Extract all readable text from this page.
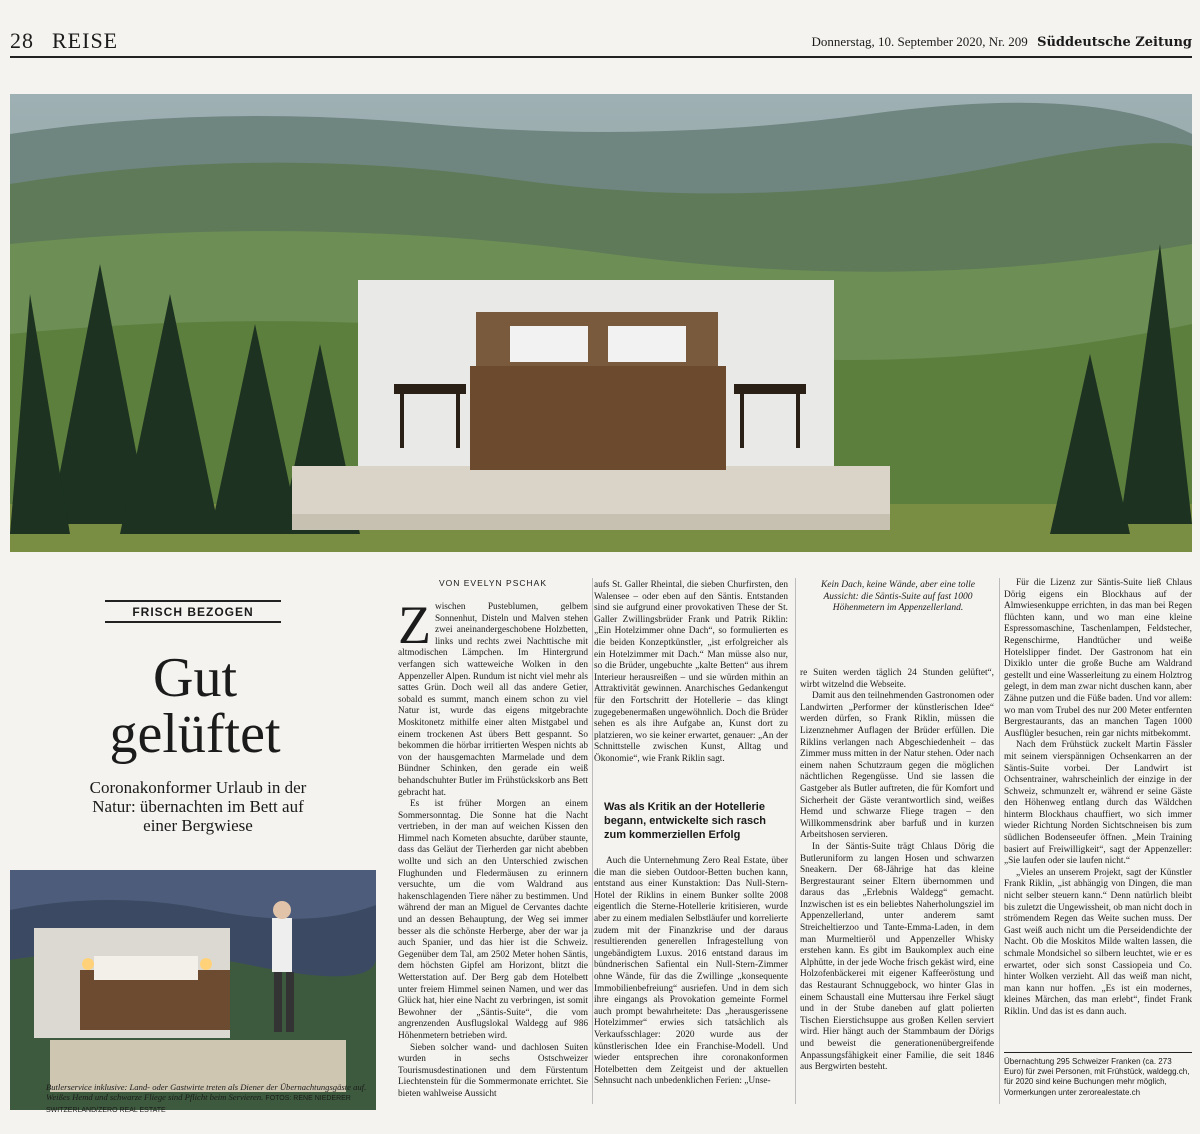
28 REISE	Donnerstag, 10. September 2020, Nr. 209 Süddeutsche Zeitung
FRISCH BEZOGEN
Gut
gelüftet
Coronakonformer Urlaub in der Natur: übernachten im Bett auf einer Bergwiese
Butlerservice inklusive: Land- oder Gastwirte treten als Diener der Übernachtungsgäste auf. Weißes Hemd und schwarze Fliege sind Pflicht beim Servieren. FOTOS: RENE NIEDERER SWITZERLAND/ZERO REAL ESTATE
VON EVELYN PSCHAK

Zwischen Pusteblumen, gelbem Sonnenhut, Disteln und Malven stehen zwei aneinandergeschobene Holzbetten, links und rechts zwei Nachttische mit altmodischen Lämpchen. Im Hintergrund verfangen sich watteweiche Wolken in den Appenzeller Alpen. Rundum ist nicht viel mehr als sattes Grün. Doch weil all das andere Getier, sobald es summt, manch einem schon zu viel Natur ist, wurde das eigens mitgebrachte Moskitonetz mithilfe einer alten Mistgabel und einem trockenen Ast übers Bett gespannt. So bekommen die hörbar irritierten Wespen nichts ab von der hausgemachten Marmelade und dem Bündner Schinken, den gerade ein weiß behandschuhter Butler im Frühstückskorb ans Bett gebracht hat.

Es ist früher Morgen an einem Sommersonntag. Die Sonne hat die Nacht vertrieben, in der man auf weichen Kissen den Himmel nach Kometen absuchte, darüber staunte, dass das Geläut der Tierherden gar nicht abebben wollte und sich an den Unterschied zwischen Flughunden und Fledermäusen zu erinnern versuchte, um die vom Waldrand aus hakenschlagenden Tiere näher zu bestimmen. Und während der man an Miguel de Cervantes dachte und an dessen Behauptung, der Weg sei immer besser als die schönste Herberge, aber der war ja auch Spanier, und das hier ist die Schweiz. Gegenüber dem Tal, am 2502 Meter hohen Säntis, dem höchsten Gipfel am Horizont, blitzt die Wetterstation auf. Der Berg gab dem Hotelbett unter freiem Himmel seinen Namen, und wer das Glück hat, hier eine Nacht zu verbringen, ist somit Bewohner der „Säntis-Suite“, die vom angrenzenden Ausflugslokal Waldegg auf 986 Höhenmetern betrieben wird.

Sieben solcher wand- und dachlosen Suiten wurden in sechs Ostschweizer Tourismusdestinationen und dem Fürstentum Liechtenstein für die Sommermonate errichtet. Sie bieten wahlweise Aussicht

aufs St. Galler Rheintal, die sieben Churfirsten, den Walensee – oder eben auf den Säntis. Entstanden sind sie aufgrund einer provokativen These der St. Galler Zwillingsbrüder Frank und Patrik Riklin: „Ein Hotelzimmer ohne Dach“, so formulierten es die beiden Konzeptkünstler, „ist erfolgreicher als ein Hotelzimmer mit Dach.“ Man müsse also nur, so die Brüder, ungebuchte „kalte Betten“ aus ihrem Interieur herausreißen – und sie würden mithin an Attraktivität gewinnen. Anarchisches Gedankengut für den Fortschritt der Hotellerie – das klingt zugegebenermaßen ungewöhnlich. Doch die Brüder sehen es als ihre Aufgabe an, Kunst dort zu platzieren, wo sie keiner erwartet, genauer: „An der Schnittstelle zwischen Kunst, Alltag und Ökonomie“, wie Frank Riklin sagt.

Was als Kritik an der Hotellerie begann, entwickelte sich rasch zum kommerziellen Erfolg

Auch die Unternehmung Zero Real Estate, über die man die sieben Outdoor-Betten buchen kann, entstand aus einer Kunstaktion: Das Null-Stern-Hotel der Riklins in einem Bunker sollte 2008 eigentlich die Sterne-Hotellerie kritisieren, wurde aber zu einem medialen Selbstläufer und korrelierte zudem mit der Finanzkrise und der daraus resultierenden generellen Infragestellung von ungebändigtem Luxus. 2016 entstand daraus im bündnerischen Safiental ein Null-Stern-Zimmer ohne Wände, für das die Zwillinge „konsequente Immobilienbefreiung“ ausriefen. Und in dem sich ihre eingangs als Provokation gemeinte Formel auch prompt bewahrheitete: Das „herausgerissene Hotelzimmer“ erwies sich tatsächlich als Verkaufsschlager: 2020 wurde aus der künstlerischen Idee ein Franchise-Modell. Und wieder entsprechen ihre coronakonformen Hotelbetten dem Zeitgeist und der aktuellen Sehnsucht nach unbedenklichen Ferien: „Unse-

Kein Dach, keine Wände, aber eine tolle Aussicht: die Säntis-Suite auf fast 1000 Höhenmetern im Appenzellerland.

re Suiten werden täglich 24 Stunden gelüftet“, wirbt witzelnd die Webseite.

Damit aus den teilnehmenden Gastronomen oder Landwirten „Performer der künstlerischen Idee“ werden dürfen, so Frank Riklin, müssen die Lizenznehmer Auflagen der Brüder erfüllen. Die Riklins verlangen nach Abgeschiedenheit – das Zimmer muss mitten in der Natur stehen. Oder nach einem nahen Schutzraum gegen die möglichen nächtlichen Regengüsse. Und sie lassen die Gastgeber als Butler auftreten, die für Komfort und Sicherheit der Gäste verantwortlich sind, weißes Hemd und schwarze Fliege tragen – den Willkommensdrink aber barfuß und in kurzen Arbeitshosen servieren.

In der Säntis-Suite trägt Chlaus Dörig die Butleruniform zu langen Hosen und schwarzen Sneakern. Der 68-Jährige hat das kleine Bergrestaurant seiner Eltern übernommen und daraus das „Erlebnis Waldegg“ gemacht. Inzwischen ist es ein beliebtes Naherholungsziel im Appenzellerland, unter anderem samt Streicheltierzoo und Tante-Emma-Laden, in dem man Murmeltieröl und Appenzeller Whisky erstehen kann. Es gibt im Baukomplex auch eine Alphütte, in der jede Woche frisch gekäst wird, eine Holzofenbäckerei mit eigener Kaffeeröstung und das Restaurant Schnuggebock, wo hinter Glas in einem Schaustall eine Muttersau ihre Ferkel säugt und in der Stube daneben auf glatt polierten Tischen Eierstichsuppe aus großen Kellen serviert wird. Hier hängt auch der Stammbaum der Dörigs und beweist die generationenübergreifende Anpassungsfähigkeit einer Familie, die seit 1846 aus Bergwirten besteht.

Für die Lizenz zur Säntis-Suite ließ Chlaus Dörig eigens ein Blockhaus auf der Almwiesenkuppe errichten, in das man bei Regen flüchten kann, und wo man eine kleine Espressomaschine, Taschenlampen, Feldstecher, Regenschirme, Handtücher und weiße Hotelslipper findet. Der Gastronom hat ein Dixiklo unter die große Buche am Waldrand gestellt und eine Wasserleitung zu einem Holztrog gelegt, in dem man zwar nicht duschen kann, aber Zähne putzen und die Füße baden. Und vor allem: wo man vom Trubel des nur 200 Meter entfernten Bergrestaurants, das an manchen Tagen 1000 Ausflügler besuchen, rein gar nichts mitbekommt.

Nach dem Frühstück zuckelt Martin Fässler mit seinem vierspännigen Ochsenkarren an der Säntis-Suite vorbei. Der Landwirt ist Ochsentrainer, wahrscheinlich der einzige in der Schweiz, schmunzelt er, während er seine Gäste den Höhenweg entlang durch das Wäldchen hinterm Blockhaus chauffiert, wo sich immer wieder Richtung Norden Sichtschneisen bis zum südlichen Bodenseeufer öffnen. „Mein Training basiert auf Freiwilligkeit“, sagt der Appenzeller: „Sie laufen oder sie laufen nicht.“

„Vieles an unserem Projekt, sagt der Künstler Frank Riklin, „ist abhängig von Dingen, die man nicht selber steuern kann.“ Denn natürlich bleibt bis zuletzt die Ungewissheit, ob man nicht doch in strömendem Regen das Weite suchen muss. Der Gast weiß auch nicht um die Perseidendichte der Nacht. Ob die Moskitos Milde walten lassen, die schmale Mondsichel so silbern leuchtet, wie er es erwartet, oder sich sonst Cassiopeia und Co. hinter Wolken verzieht. All das weiß man nicht, man kann nur hoffen. „Es ist ein modernes, kleines Märchen, das man erlebt“, findet Frank Riklin. Und das ist es dann auch.

Übernachtung 295 Schweizer Franken (ca. 273 Euro) für zwei Personen, mit Frühstück, waldegg.ch, für 2020 sind keine Buchungen mehr möglich, Vormerkungen unter zerorealestate.ch
